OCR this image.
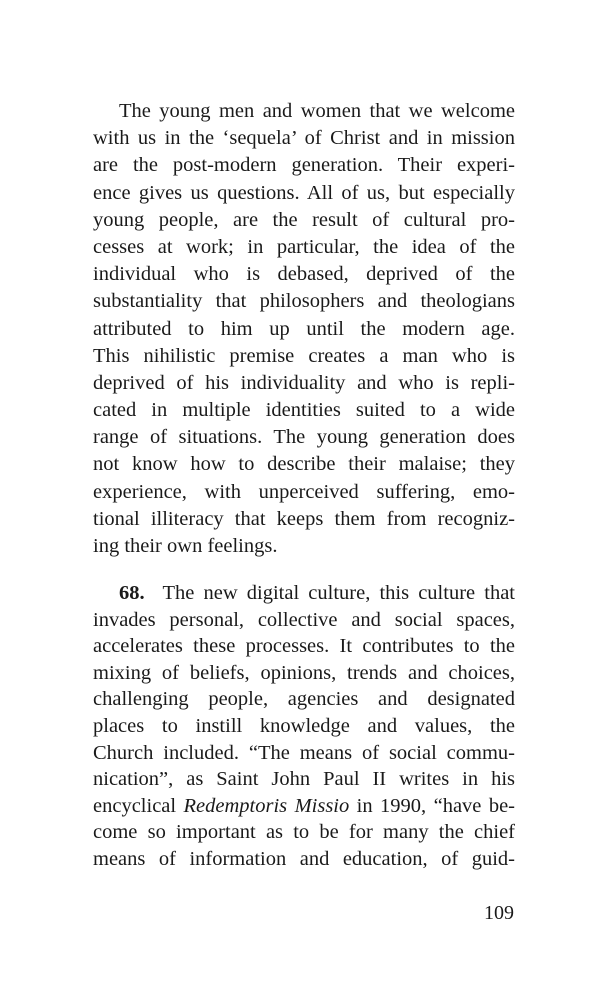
The young men and women that we welcome
with us in the ‘sequela’ of Christ and in mission
are the post-modern generation. Their experi-
ence gives us questions. All of us, but especially
young people, are the result of cultural pro-
cesses at work; in particular, the idea of the
individual who is debased, deprived of the
substantiality that philosophers and theologians
attributed to him up until the modern age.
This nihilistic premise creates a man who is
deprived of his individuality and who is repli-
cated in multiple identities suited to a wide
range of situations. The young generation does
not know how to describe their malaise; they
experience, with unperceived suffering, emo-
tional illiteracy that keeps them from recogniz-
ing their own feelings.
68. The new digital culture, this culture that
invades personal, collective and social spaces,
accelerates these processes. It contributes to the
mixing of beliefs, opinions, trends and choices,
challenging people, agencies and designated
places to instill knowledge and values, the
Church included. “The means of social commu-
nication”, as Saint John Paul II writes in his
encyclical Redemptoris Missio in 1990, “have be-
come so important as to be for many the chief
means of information and education, of guid-
109
